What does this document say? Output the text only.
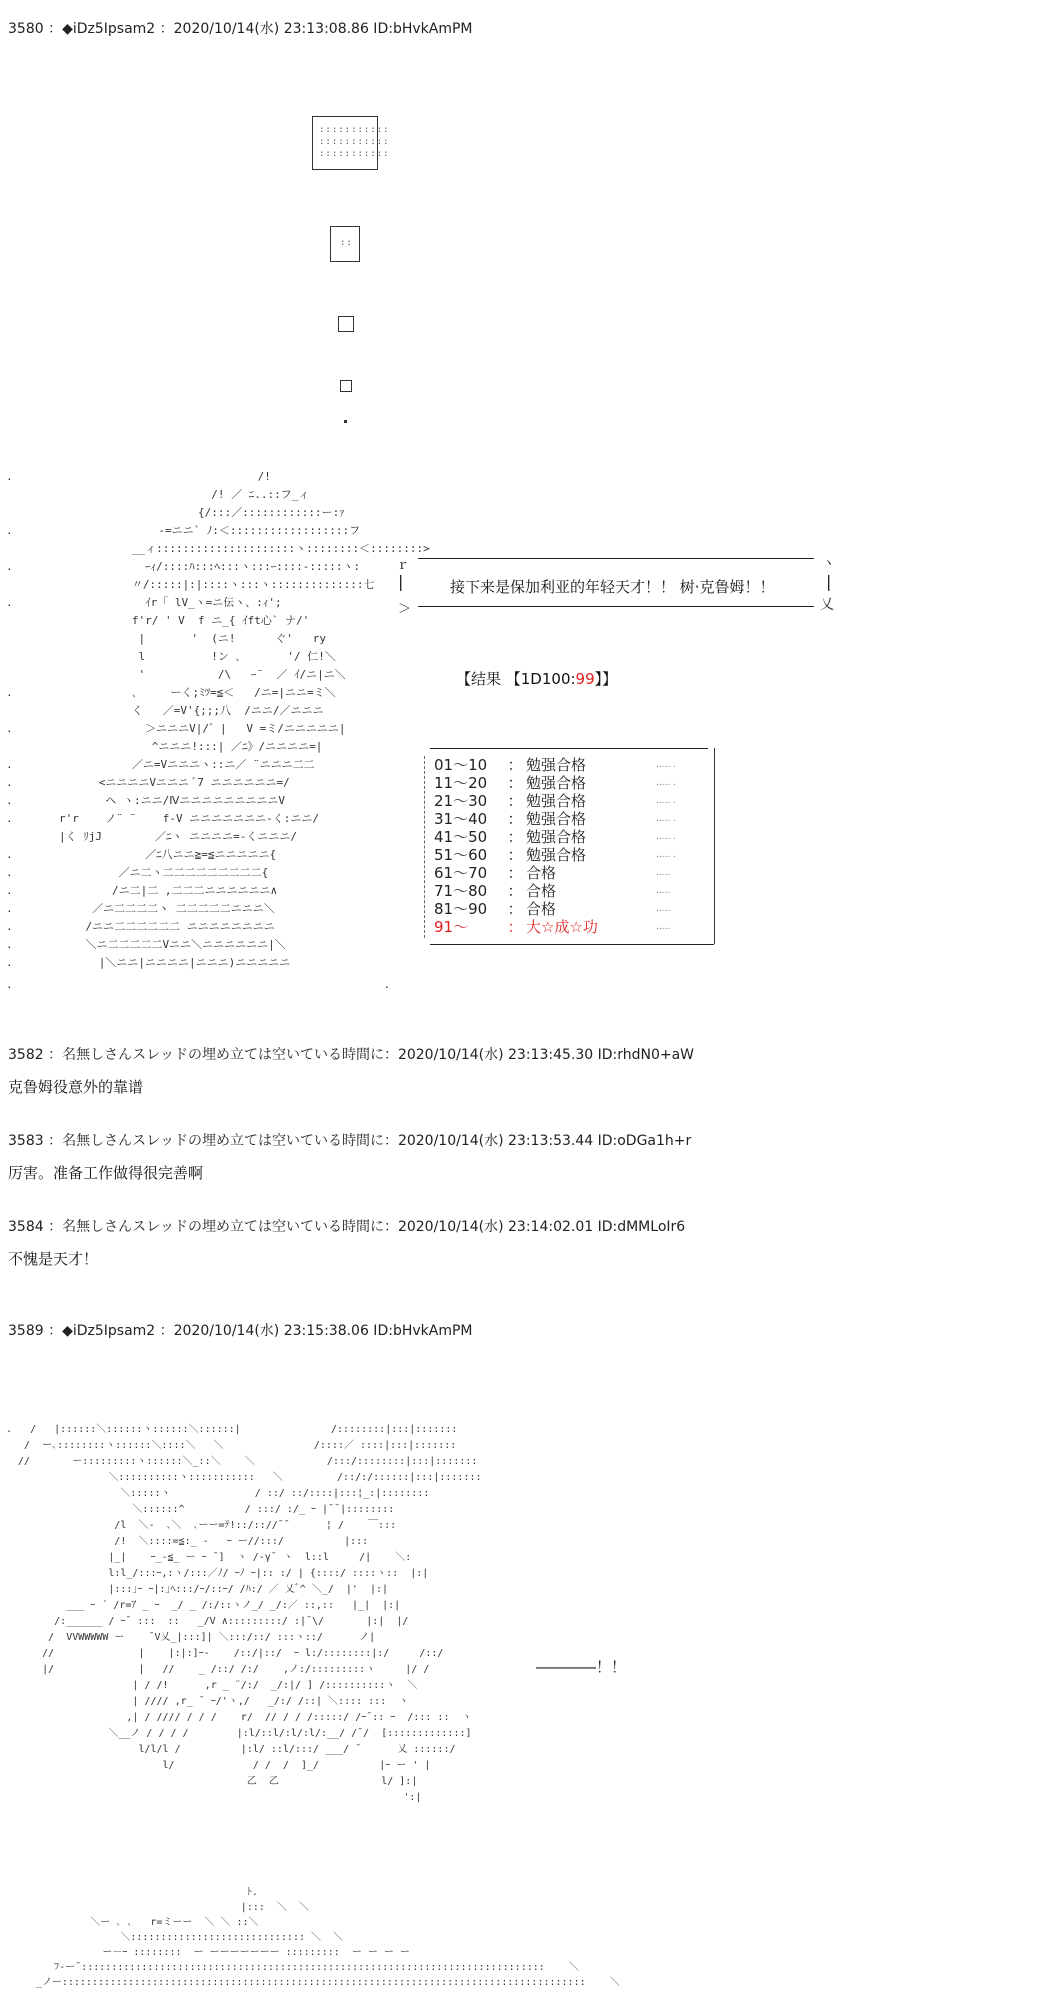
3580 ：◆iDz5Ipsam2 ：2020/10/14(水) 23:13:08.86 ID:bHvkAmPM
:::::::::::
:::::::::::
:::::::::::
::

.                                     /!
/! ／ ﾆ..::フ_ィ
{/:::／::::::::::::ー:ｧ
.                      -=ニニ` ﾉ:＜::::::::::::::::::フ
__ィ:::::::::::::::::::::ヽ::::::::＜::::::::>
.                    ｰｨ/::::ﾊ:::ﾍ:::ヽ:::ｰ::::-:::::ヽ:
〃/:::::|:|::::ヽ:::ヽ::::::::::::::七
.                    ｲr「 lV_ヽ=ニ伝ヽ、:ｨ';
f'r/ ' V  f ニ_{ ｲft心` ナ/'
|       '  (ニ!      ぐ'   ry
l          !ン ､       '/ 仁!＼
'           /\   ｰ¨  ／ ｲ/ニ|ニ＼
.                  ､     ーく;ﾐﾂ=≦＜   /ニ=|ニニ=ミ＼
く   ／=V'{;;;八  /ニニ/／ニニニ
.                    ＞ニニニV|/゛|   V =ミ/ニニニニニ|
^ニニニ!:::| ／ﾆ》/ニニニニ=|
.                  ／ニ=Vニニニヽ::ニ／ ¨ニニニ二二
.             <ニニニニVニニニ ﾞ7 ニニニニニニ=/
.              ヘ ヽ:ニニ/ⅣニニニニニニニニニV
.       r'r    ノ¨ ¨    f-V ニニニニニニニ-く:ニニ/
|く ﾘjJ        ／ﾆヽ ニニニニ=-くニニニ/
.                    ／ﾆ八ニニ≧=≦ニニニニニ{
.                ／ニ二ヽ二二二二二二二二二{
.               /ニ二|二 ,二二二ニニニニニニ∧
.            ／ニ二二二二ヽ 二二二二二ニニニ＼
.           /ニニ二二二二二二 ニニニニニニニニ
.           ＼ニ二二二二二Vニニ＼ニニニニニニ|＼
.             |＼ニニ|ニニニニ|ニニニ)ニニニニニ

.                                                        .
ｒ	ヽ
|	|
接下来是保加利亚的年轻天才！！ 树·克鲁姆！！
＞	乂
【结果 【1D100:99】】
01～10	： 勉强合格	..... .
11～20	： 勉强合格	..... .
21～30	： 勉强合格	..... .
31～40	： 勉强合格	..... .
41～50	： 勉强合格	..... .
51～60	： 勉强合格	..... .
61～70	： 合格	.....
71～80	： 合格	.....
81～90	： 合格	.....
91～	： 大☆成☆功	.....
3582 ：名無しさんスレッドの埋め立ては空いている時間に：2020/10/14(水) 23:13:45.30 ID:rhdN0+aW
克鲁姆役意外的靠谱
3583 ：名無しさんスレッドの埋め立ては空いている時間に：2020/10/14(水) 23:13:53.44 ID:oDGa1h+r
厉害。准备工作做得很完善啊
3584 ：名無しさんスレッドの埋め立ては空いている時間に：2020/10/14(水) 23:14:02.01 ID:dMMLoIr6
不愧是天才！
3589 ：◆iDz5Ipsam2 ：2020/10/14(水) 23:15:38.06 ID:bHvkAmPM

.   /   |::::::＼::::::ヽ::::::＼::::::|               /::::::::|:::|:::::::
/  ー､::::::::ヽ::::::＼::::＼   ＼               /::::／ ::::|:::|:::::::
//       ー:::::::::ヽ::::::＼_::＼    ＼            /:::/::::::::|:::|:::::::
＼::::::::::ヽ:::::::::::   ＼         /::/:/::::::|:::|:::::::
＼:::::ヽ              / ::/ ::/::::|:::¦_:|::::::::
＼::::::^          / :::/ :/_ ｰ |¯¯|::::::::
/l  ＼-  ､＼  ､ーー=ﾃ!::/:://¯¯      ¦ /    ￣:::
/!  ＼::::=≦:_ -   ｰ ー//:::/          |:::
|_|    ｰ_-≦_ ー ｰ ¯]  ヽ /-γ¯ ヽ  l::l     /|    ＼:
l:l_/:::ｰ,:ヽ/:::／ﾉ/ ｰﾉ ｰ|:: :/ | {::::/ ::::ヽ::  |:|
|:::｣ｰ ｰ|:｣ﾍ:::/ｰ/::ｰ/ /ﾊ:/ ／ 乂ﾞ^ ＼_/  |'  |:|
___ ｰ ´ /r=ｱ _ ｰ  _/ _ /:/::ヽノ_/ _/:／ ::,::   |_|  |:|
/:______ / ｰ¯ :::  ::   _/V ∧:::::::::/ :|¯\/       |:|  |/
/  VVWWWWW ー    ¯V乂_|:::]| ＼:::/::/ :::ヽ::/      ノ|
//              |    |:|:]ｰ-    /::/|::/  ｰ l:/::::::::|:/     /::/
|/              |   //    _ /::/ /:/    ,ノ:/:::::::::ヽ     |/ /
| / /!      ,r _ ¨/:/  _/:|/ ] /::::::::::ヽ  ＼
| //// ,r_ ¯ ｰ/'ヽ,/   _/:/ /::| ＼:::: :::  ヽ
,| / //// / / /    r/  // / / /:::::/ /ｰ¯:: ｰ  /::: ::  ヽ
＼__ノ / / / /        |:l/::l/:l/:l/:__/ /¯/  [:::::::::::::]
l/l/l /          |:l/ ::l/:::/ ___/ ¯      乂 ::::::/
l/             / /  /  ]_/          |ｰ ー ' |
乙  乙                 l/ ]:|
':|

――――！！

ﾄ.
|:::  ＼  ＼
＼ー ､ ､   r=ミーー  ＼ ＼ ::＼
＼::::::::::::::::::::::::::::: ＼  ＼
ー－ｰ ::::::::  ー ーーーーーーー :::::::::  ー ー ー ー
ﾌ-ー¯:::::::::::::::::::::::::::::::::::::::::::::::::::::::::::::::::::::::::::::    ＼
_ノー:::::::::::::::::::::::::::::::::::::::::::::::::::::::::::::::::::::::::::::::::::::::    ＼
